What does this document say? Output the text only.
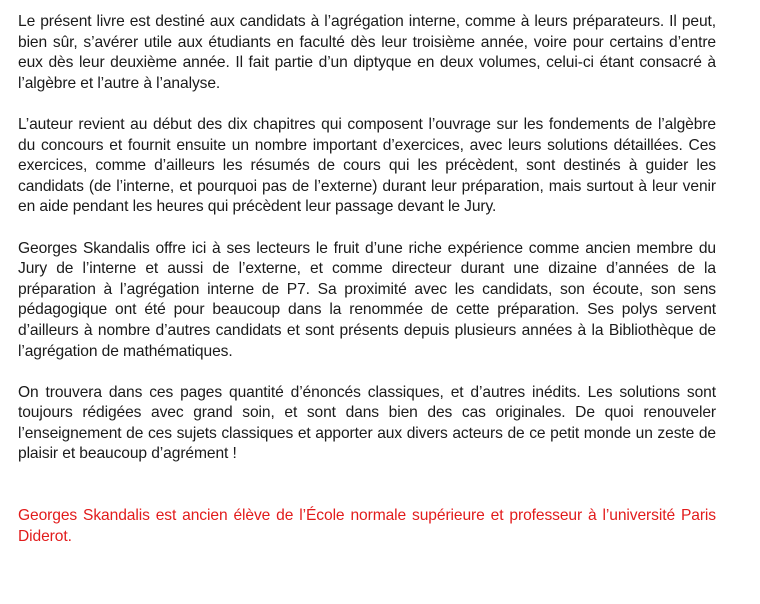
Le présent livre est destiné aux candidats à l’agrégation interne, comme à leurs préparateurs. Il peut, bien sûr, s’avérer utile aux étudiants en faculté dès leur troisième année, voire pour certains d’entre eux dès leur deuxième année. Il fait partie d’un diptyque en deux volumes, celui-ci étant consacré à l’algèbre et l’autre à l’analyse.

L’auteur revient au début des dix chapitres qui composent l’ouvrage sur les fondements de l’algèbre du concours et fournit ensuite un nombre important d’exercices, avec leurs solutions détaillées. Ces exercices, comme d’ailleurs les résumés de cours qui les précèdent, sont destinés à guider les candidats (de l’interne, et pourquoi pas de l’externe) durant leur préparation, mais surtout à leur venir en aide pendant les heures qui précèdent leur passage devant le Jury.

Georges Skandalis offre ici à ses lecteurs le fruit d’une riche expérience comme ancien membre du Jury de l’interne et aussi de l’externe, et comme directeur durant une dizaine d’années de la préparation à l’agrégation interne de P7. Sa proximité avec les candidats, son écoute, son sens pédagogique ont été pour beaucoup dans la renommée de cette préparation. Ses polys servent d’ailleurs à nombre d’autres candidats et sont présents depuis plusieurs années à la Bibliothèque de l’agrégation de mathématiques.

On trouvera dans ces pages quantité d’énoncés classiques, et d’autres inédits. Les solutions sont toujours rédigées avec grand soin, et sont dans bien des cas originales. De quoi renouveler l’enseignement de ces sujets classiques et apporter aux divers acteurs de ce petit monde un zeste de plaisir et beaucoup d’agrément !

Georges Skandalis est ancien élève de l’École normale supérieure et professeur à l’université Paris Diderot.
